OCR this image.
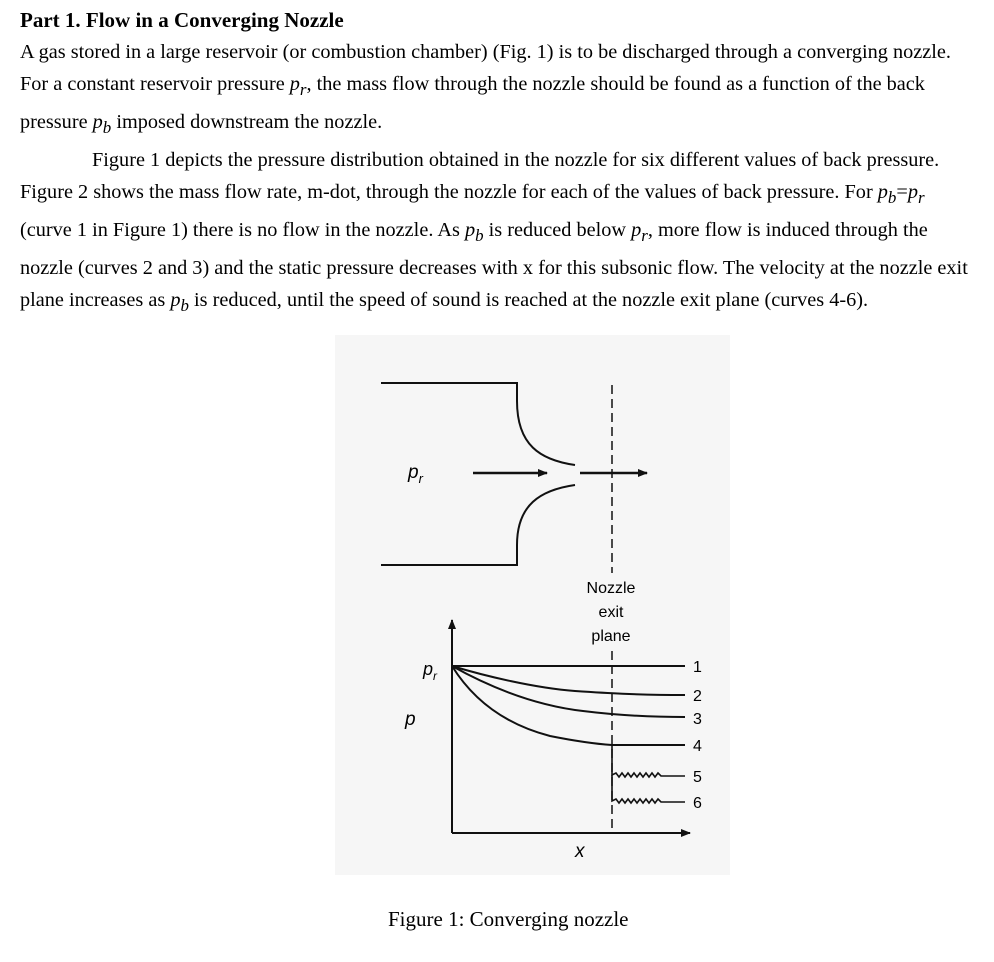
Part 1. Flow in a Converging Nozzle

A gas stored in a large reservoir (or combustion chamber) (Fig. 1) is to be discharged through a converging nozzle. For a constant reservoir pressure $p_r$, the mass flow through the nozzle should be found as a function of the back pressure $p_b$ imposed downstream the nozzle.

Figure 1 depicts the pressure distribution obtained in the nozzle for six different values of back pressure. Figure 2 shows the mass flow rate, m-dot, through the nozzle for each of the values of back pressure. For $p_b=p_r$ (curve 1 in Figure 1) there is no flow in the nozzle. As $p_b$ is reduced below $p_r$, more flow is induced through the nozzle (curves 2 and 3) and the static pressure decreases with x for this subsonic flow. The velocity at the nozzle exit plane increases as $p_b$ is reduced, until the speed of sound is reached at the nozzle exit plane (curves 4-6).

$p_r$
Nozzle
exit
plane
$p_r$
p
x
1
2
3
4
5
6

Figure 1: Converging nozzle
